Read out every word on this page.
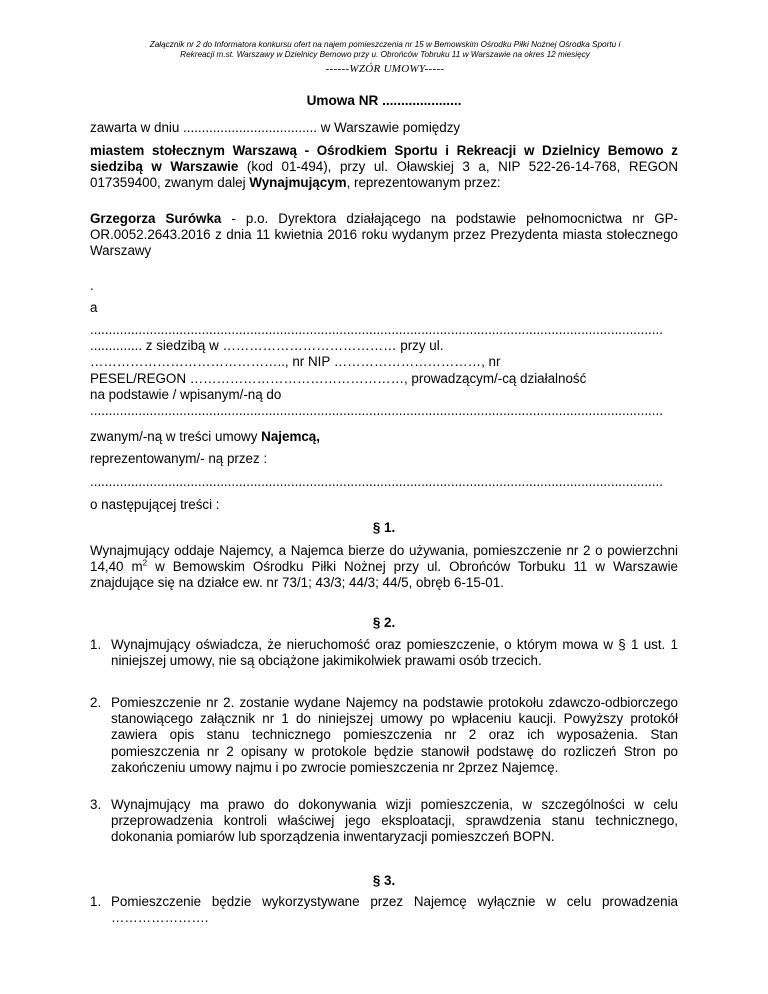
Załącznik nr 2 do Informatora konkursu ofert na najem pomieszczenia nr 15 w Bemowskim Ośrodku Piłki Nożnej Ośrodka Sportu i
Rekreacji m.st. Warszawy w Dzielnicy Bemowo przy u. Obrońców Tobruku 11 w Warszawie na okres 12 miesięcy
------WZÓR UMOWY-----
Umowa NR .....................
zawarta w dniu .................................... w Warszawie pomiędzy
miastem stołecznym Warszawą - Ośrodkiem Sportu i Rekreacji w Dzielnicy Bemowo z siedzibą w Warszawie (kod 01-494), przy ul. Oławskiej 3 a, NIP 522-26-14-768, REGON 017359400, zwanym dalej Wynajmującym, reprezentowanym przez:
Grzegorza Surówka - p.o. Dyrektora działającego na podstawie pełnomocnictwa nr GP-OR.0052.2643.2016 z dnia 11 kwietnia 2016 roku wydanym przez Prezydenta miasta stołecznego Warszawy
.
a
..........................................................................................................................................................
.............. z siedzibą w ………………………………… przy ul.
…………………………………….., nr NIP ……………………………, nr
PESEL/REGON …………………………………………, prowadzącym/-cą działalność
na podstawie / wpisanym/-ną do
..........................................................................................................................................................
zwanym/-ną w treści umowy Najemcą,
reprezentowanym/- ną przez :
..........................................................................................................................................................
o następującej treści :
§ 1.
Wynajmujący oddaje Najemcy, a Najemca bierze do używania, pomieszczenie nr 2 o powierzchni 14,40 $m^2$ w Bemowskim Ośrodku Piłki Nożnej przy ul. Obrońców Torbuku 11 w Warszawie znajdujące się na działce ew. nr 73/1; 43/3; 44/3; 44/5, obręb 6-15-01.
§ 2.
1. Wynajmujący oświadcza, że nieruchomość oraz pomieszczenie, o którym mowa w § 1 ust. 1 niniejszej umowy, nie są obciążone jakimikolwiek prawami osób trzecich.
2. Pomieszczenie nr 2. zostanie wydane Najemcy na podstawie protokołu zdawczo-odbiorczego stanowiącego załącznik nr 1 do niniejszej umowy po wpłaceniu kaucji. Powyższy protokół zawiera opis stanu technicznego pomieszczenia nr 2 oraz ich wyposażenia. Stan pomieszczenia nr 2 opisany w protokole będzie stanowił podstawę do rozliczeń Stron po zakończeniu umowy najmu i po zwrocie pomieszczenia nr 2przez Najemcę.
3. Wynajmujący ma prawo do dokonywania wizji pomieszczenia, w szczególności w celu przeprowadzenia kontroli właściwej jego eksploatacji, sprawdzenia stanu technicznego, dokonania pomiarów lub sporządzenia inwentaryzacji pomieszczeń BOPN.
§ 3.
1. Pomieszczenie będzie wykorzystywane przez Najemcę wyłącznie w celu prowadzenia ………………….
